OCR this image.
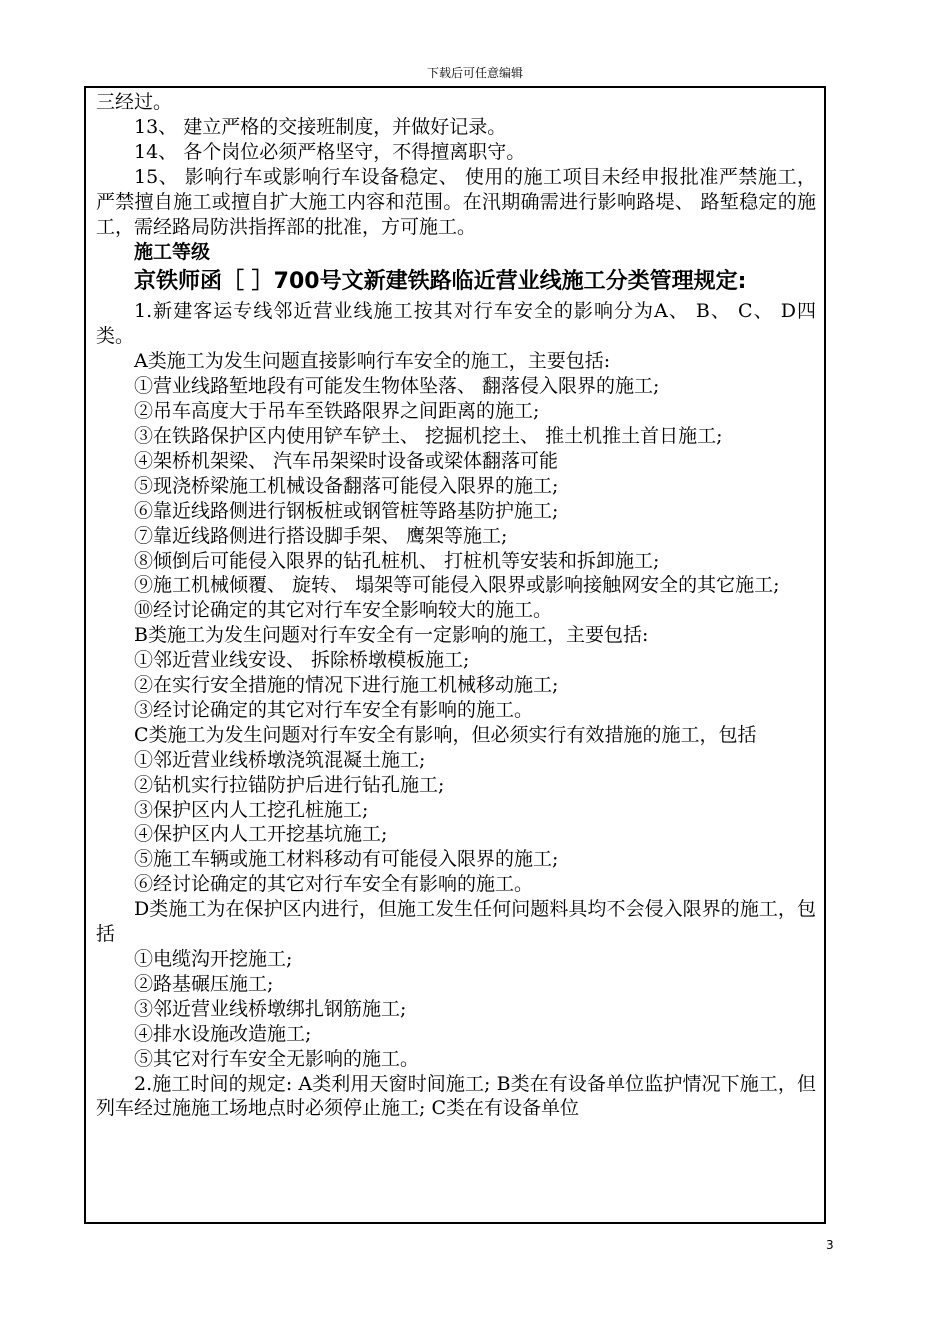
下载后可任意编辑

三经过。

13、 建立严格的交接班制度，并做好记录。

14、 各个岗位必须严格坚守，不得擅离职守。

15、 影响行车或影响行车设备稳定、 使用的施工项目未经申报批准严禁施工，严禁擅自施工或擅自扩大施工内容和范围。在汛期确需进行影响路堤、 路堑稳定的施工，需经路局防洪指挥部的批准，方可施工。

施工等级

京铁师函［ ］700号文新建铁路临近营业线施工分类管理规定:

1.新建客运专线邻近营业线施工按其对行车安全的影响分为A、 B、 C、 D四类。

A类施工为发生问题直接影响行车安全的施工，主要包括:

①营业线路堑地段有可能发生物体坠落、 翻落侵入限界的施工;

②吊车高度大于吊车至铁路限界之间距离的施工;

③在铁路保护区内使用铲车铲土、 挖掘机挖土、 推土机推土首日施工;

④架桥机架梁、 汽车吊架梁时设备或梁体翻落可能

⑤现浇桥梁施工机械设备翻落可能侵入限界的施工;

⑥靠近线路侧进行钢板桩或钢管桩等路基防护施工;

⑦靠近线路侧进行搭设脚手架、 鹰架等施工;

⑧倾倒后可能侵入限界的钻孔桩机、 打桩机等安装和拆卸施工;

⑨施工机械倾覆、 旋转、 塌架等可能侵入限界或影响接触网安全的其它施工;

⑩经讨论确定的其它对行车安全影响较大的施工。

B类施工为发生问题对行车安全有一定影响的施工，主要包括:

①邻近营业线安设、 拆除桥墩模板施工;

②在实行安全措施的情况下进行施工机械移动施工;

③经讨论确定的其它对行车安全有影响的施工。

C类施工为发生问题对行车安全有影响，但必须实行有效措施的施工，包括

①邻近营业线桥墩浇筑混凝土施工;

②钻机实行拉锚防护后进行钻孔施工;

③保护区内人工挖孔桩施工;

④保护区内人工开挖基坑施工;

⑤施工车辆或施工材料移动有可能侵入限界的施工;

⑥经讨论确定的其它对行车安全有影响的施工。

D类施工为在保护区内进行，但施工发生任何问题料具均不会侵入限界的施工，包括

①电缆沟开挖施工;

②路基碾压施工;

③邻近营业线桥墩绑扎钢筋施工;

④排水设施改造施工;

⑤其它对行车安全无影响的施工。

2.施工时间的规定: A类利用天窗时间施工; B类在有设备单位监护情况下施工，但列车经过施施工场地点时必须停止施工; C类在有设备单位

3
